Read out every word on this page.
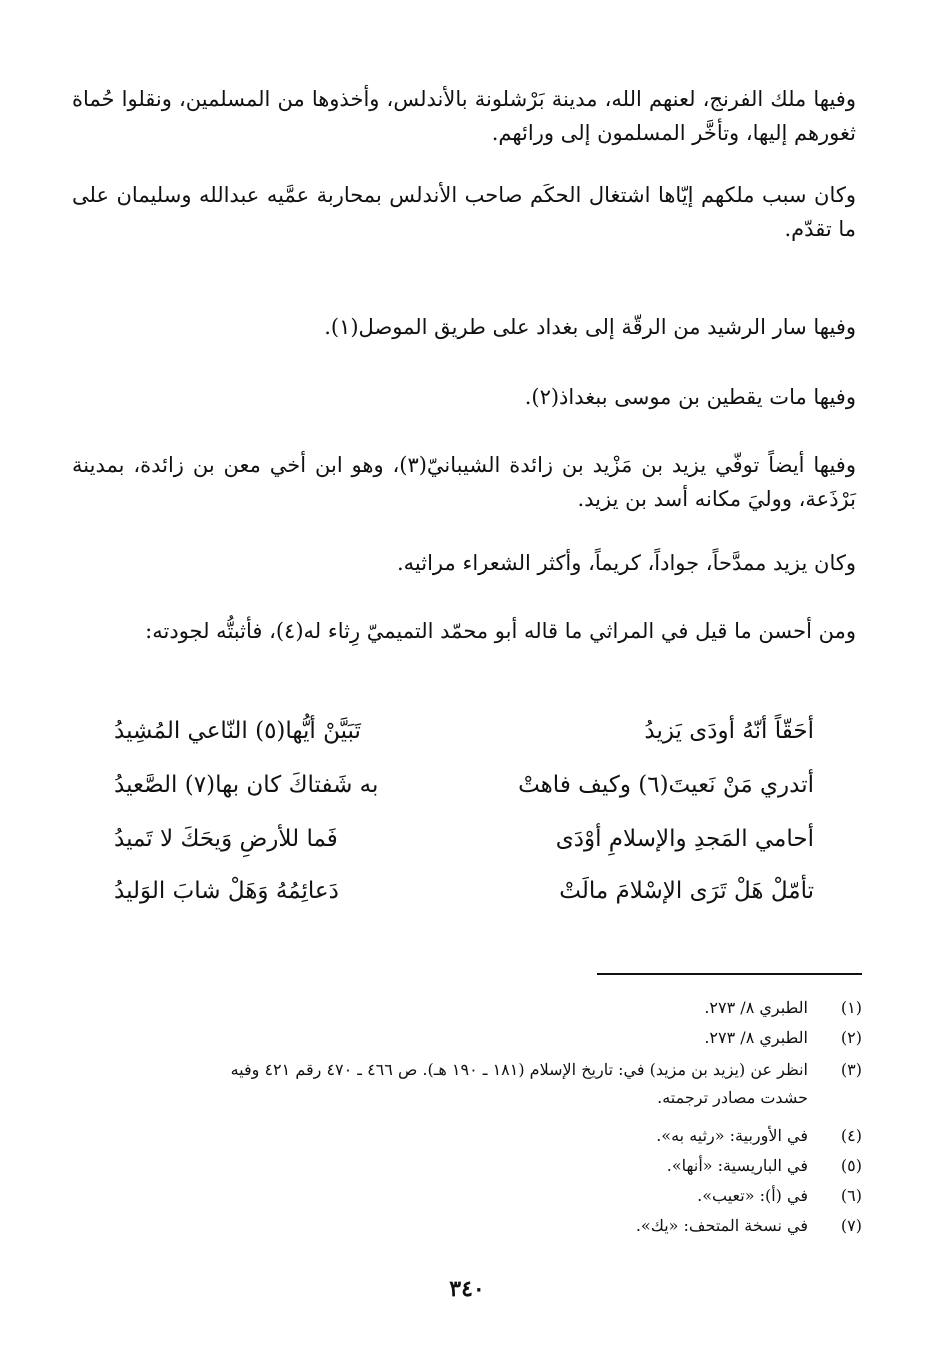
وفيها ملك الفرنج، لعنهم الله، مدينة بَرْشلونة بالأندلس، وأخذوها من المسلمين، ونقلوا حُماة ثغورهم إليها، وتأخَّر المسلمون إلى ورائهم.

وكان سبب ملكهم إيّاها اشتغال الحكَم صاحب الأندلس بمحاربة عمَّيه عبدالله وسليمان على ما تقدّم.

وفيها سار الرشيد من الرقّة إلى بغداد على طريق الموصل(١).

وفيها مات يقطين بن موسى ببغداذ(٢).

وفيها أيضاً توفّي يزيد بن مَزْيد بن زائدة الشيبانيّ(٣)، وهو ابن أخي معن بن زائدة، بمدينة بَرْذَعة، ووليَ مكانه أسد بن يزيد.

وكان يزيد ممدَّحاً، جواداً، كريماً، وأكثر الشعراء مراثيه.

ومن أحسن ما قيل في المراثي ما قاله أبو محمّد التميميّ رِثاء له(٤)، فأثبتُّه لجودته:

أحَقّاً أنّهُ أودَى يَزيدُ
تَبَيَّنْ أيُّها(٥) النّاعي المُشِيدُ
أتدري مَنْ نَعيتَ(٦) وكيف فاهتْ
به شَفتاكَ كان بها(٧) الصَّعيدُ
أحامي المَجدِ والإسلامِ أوْدَى
فَما للأرضِ وَيحَكَ لا تَميدُ
تأمّلْ هَلْ تَرَى الإسْلامَ مالَتْ
دَعائِمُهُ وَهَلْ شابَ الوَليدُ
(١)الطبري ٨/ ٢٧٣.
(٢)الطبري ٨/ ٢٧٣.
(٣)انظر عن (يزيد بن مزيد) في: تاريخ الإسلام (١٨١ ـ ١٩٠ هـ). ص ٤٦٦ ـ ٤٧٠ رقم ٤٢١ وفيه
حشدت مصادر ترجمته.
(٤)في الأوربية: «رثيه به».
(٥)في الباريسية: «أنها».
(٦)في (أ): «تعيب».
(٧)في نسخة المتحف: «يك».
٣٤٠
